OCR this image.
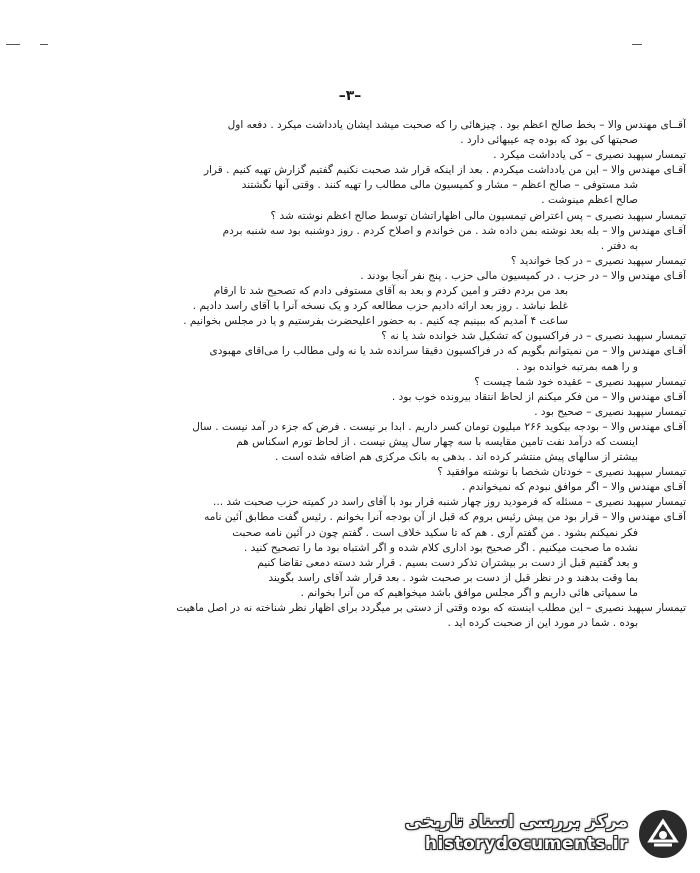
–۳–
آقــای مهندس والا – بخط صالح اعظم بود . چیزهائی را که صحبت میشد ایشان یادداشت میکرد . دفعه اول
صحبتها کی بود که بوده چه عیبهائی دارد .
تیمسار سپهبد نصیری – کی یادداشت میکرد .
آقـای مهندس والا – این من یادداشت میکردم . بعد از اینکه قرار شد صحبت نکنیم گفتیم گزارش تهیه کنیم . قرار
شد مستوفی – صالح اعظم – مشار و کمیسیون مالی مطالب را تهیه کنند . وقتی آنها نگشتند
صالح اعظم مینوشت .
تیمسار سپهبد نصیری – پس اعتراض تیمسیون مالی اظهاراتشان توسط صالح اعظم نوشته شد ؟
آقـای مهندس والا – بله بعد نوشته بمن داده شد . من خواندم و اصلاح کردم . روز دوشنبه بود سه شنبه بردم
به دفتر .
تیمسار سپهبد نصیری – در کجا خواندید ؟
آقـای مهندس والا – در حزب . در کمیسیون مالی حزب . پنج نفر آنجا بودند .
بعد من بردم دفتر و امین کردم و بعد به آقای مستوفی دادم که تصحیح شد تا ارقام
غلط نباشد . روز بعد ارائه دادیم حزب مطالعه کرد و یک نسخه آنرا با آقای راسد دادیم .
ساعت ۴ آمدیم که ببینیم چه کنیم . به حضور اعلیحضرت بفرستیم و یا در مجلس بخوانیم .
تیمسار سپهبد نصیری – در فراکسیون که تشکیل شد خوانده شد یا نه ؟
آقـای مهندس والا – من نمیتوانم بگویم که در فراکسیون دقیقا سرانده شد یا نه ولی مطالب را می‌اقای مهبودی
و را همه بمرتبه خوانده بود .
تیمسار سپهبد نصیری – عقیده خود شما چیست ؟
آقـای مهندس والا – من فکر میکنم از لحاظ انتقاد بیرونده خوب بود .
تیمسار سپهبد نصیری – صحیح بود .
آقـای مهندس والا – بودجه بیکوید ۲۶۶ میلیون تومان کسر داریم . ابدا بر نیست . فرض که جزء در آمد نیست . سال
اینست که درآمد نفت تامین مقایسه با سه چهار سال پیش نیست . از لحاظ تورم اسکناس هم
بیشتر از سالهای پیش منتشر کرده اند . بدهی به بانک مرکزی هم اضافه شده است .
تیمسار سپهبد نصیری – خودتان شخصا با نوشته موافقید ؟
آقـای مهندس والا – اگر موافق نبودم که نمیخواندم .
تیمسار سپهبد نصیری – مسئله که فرمودید روز چهار شنبه قرار بود با آقای راسد در کمیته حزب صحبت شد ...
آقـای مهندس والا – قرار بود من پیش رئیس بروم که قبل از آن بودجه آنرا بخوانم . رئیس گفت مطابق آئین نامه
فکر نمیکنم بشود . من گفتم آری . هم که تا سکید خلاف است . گفتم چون در آئین نامه صحبت
نشده ما صحبت میکنیم . اگر صحیح بود اداری کلام شده و اگر اشتباه بود ما را تصحیح کنید .
و بعد گفتیم قبل از دست بر بیشتران تذکر دست بسیم . قرار شد دسته دمعی تقاضا کنیم
بما وقت بدهند و در نظر قبل از دست بر صحبت شود . بعد قرار شد آقای راسد بگویند
ما سمپاتی هائی داریم و اگر مجلس موافق باشد میخواهیم که من آنرا بخوانم .
تیمسار سپهبد نصیری – این مطلب اینسته که بوده وقتی از دستی بر میگردد برای اظهار نظر شناخته نه در اصل ماهیت
بوده . شما در مورد این از صحبت کرده اید .
مرکز بررسی اسناد تاریخی
historydocuments.ir
